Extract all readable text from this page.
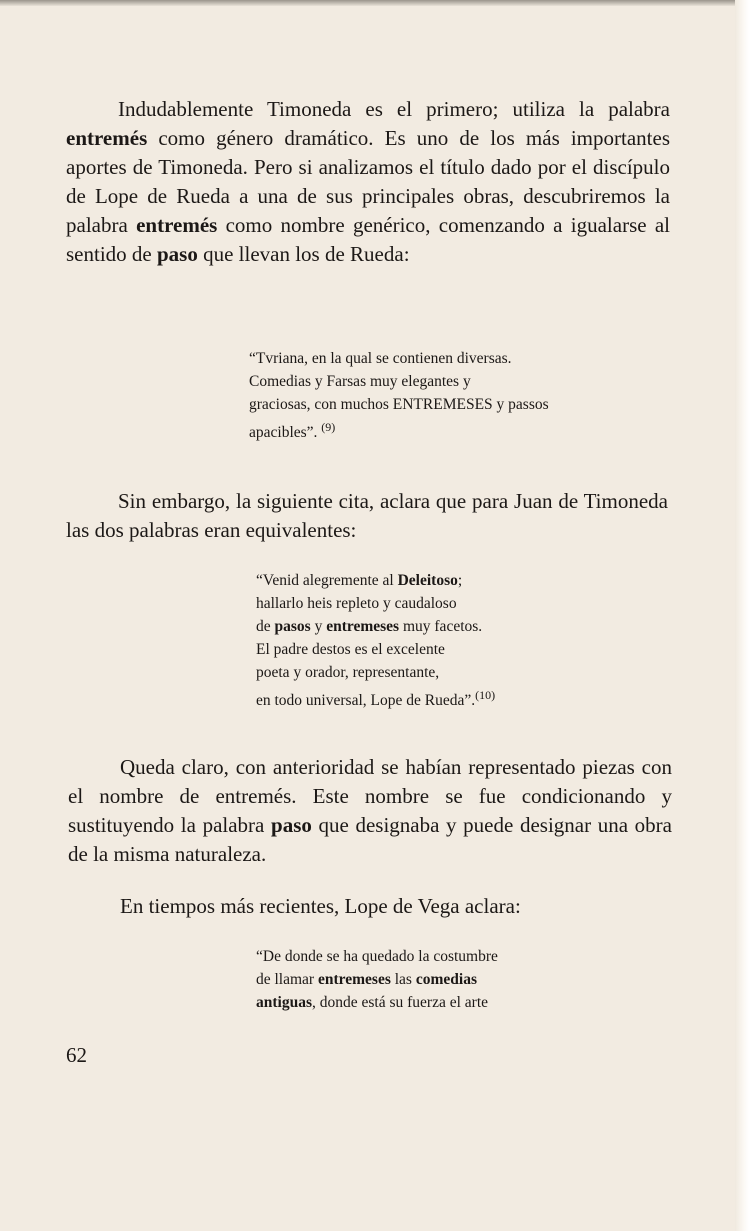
Indudablemente Timoneda es el primero; utiliza la palabra entremés como género dramático. Es uno de los más importantes aportes de Timoneda. Pero si analizamos el título dado por el discípulo de Lope de Rueda a una de sus principales obras, descubriremos la palabra entremés como nombre genérico, comenzando a igualarse al sentido de paso que llevan los de Rueda:

“Tvriana, en la qual se contienen diversas.
Comedias y Farsas muy elegantes y
graciosas, con muchos ENTREMESES y passos
apacibles”. $^{(9)}$

Sin embargo, la siguiente cita, aclara que para Juan de Timoneda las dos palabras eran equivalentes:

“Venid alegremente al Deleitoso;
hallarlo heis repleto y caudaloso
de pasos y entremeses muy facetos.
El padre destos es el excelente
poeta y orador, representante,
en todo universal, Lope de Rueda”.$^{(10)}$

Queda claro, con anterioridad se habían representado piezas con el nombre de entremés. Este nombre se fue condicionando y sustituyendo la palabra paso que designaba y puede designar una obra de la misma naturaleza.

En tiempos más recientes, Lope de Vega aclara:

“De donde se ha quedado la costumbre
de llamar entremeses las comedias
antiguas, donde está su fuerza el arte
62
